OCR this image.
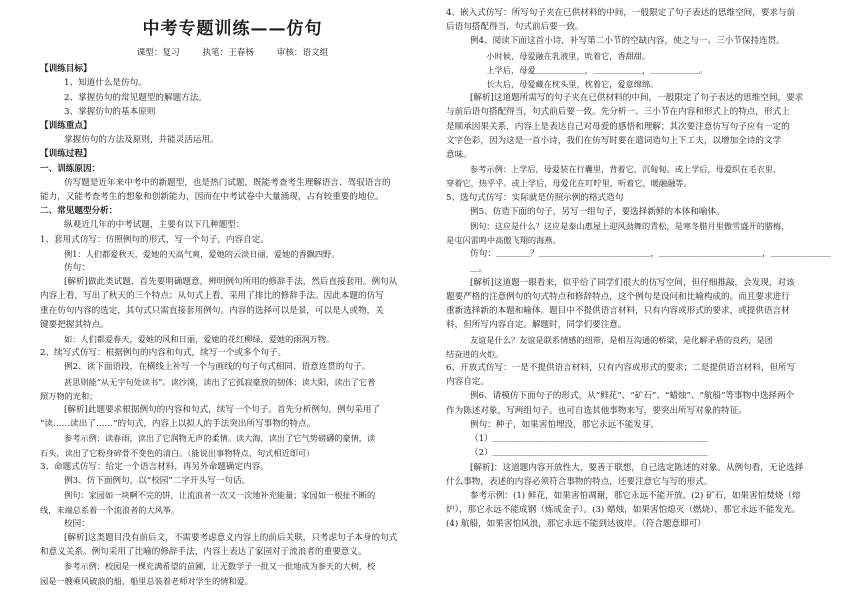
中考专题训练——仿句
课型：复习	执笔：王春杨	审核：语文组
【训练目标】
1、知道什么是仿句。
2、掌握仿句的常见题型的解题方法。
3、掌握仿句的基本原则
【训练重点】
掌握仿句的方法及原则，并能灵活运用。
【训练过程】
一、训练原因：
仿写题是近年来中考中的新题型，也是热门试题，既能考查考生理解语言、驾驭语言的
能力，又能考查考生的想象和创新能力，因而在中考试卷中大量涌现，占有较重要的地位。
二、常见题型分析：
纵观近几年的中考试题，主要有以下几种题型：
1、套用式仿写：仿照例句的形式，写一个句子，内容自定。
例1：人们都爱秋天，爱她的天高气爽，爱她的云淡日丽，爱她的香飘四野。
仿句：
[解析]做此类试题，首先要明确题意，辨明例句所用的修辞手法，然后直接套用。例句从
内容上看，写出了秋天的三个特点；从句式上看，采用了排比的修辞手法。因此本题的仿写
重在仿句内容的选定，其句式只需直接套用例句。内容的选择可以是景，可以是人或物，关
键要把握其特点。
如：人们都爱春天，爱她的风和日丽，爱她的花红柳绿，爱她的雨润万物。
2、续写式仿写：根据例句的内容和句式，续写一个或多个句子。
例2、读下面语段，在横线上补写一个与画线的句子句式相同、语意连贯的句子。
甚思则能“从无字句处读书”。读沙漠，读出了它孤寂豪放的韧体；读大阳，读出了它普
照万物的光和；
[解析]此题要求根据例句的内容和句式，续写一个句子。首先分析例句，例句采用了
“读……读出了……”的句式，内容上以拟人的手法突出所写事物的特点。
参考示例：读春雨，读出了它润物无声的柔情。读大海，读出了它气势磅礴的豪情，读
石头，读出了它粉身碎骨不变色的清白。（能说出事物特点，句式相近即可）
3、命题式仿写：给定一个语言材料，再另外命题确定内容。
例3、仿下面例句，以“校园”二字开头写一句话。
例句：家园如一块啊不完的饼，让流浪者一次又一次地补充能量；家园如一根扯不断的
线，末端总系着一个流浪者的大风筝。
校园：
[解析]这类题目没有前后文，不需要考虑意义内容上的前后关联，只考虑句子本身的句式
和意义关系。例句采用了比喻的修辞手法，内容上表达了家园对于流浪者的重要意义。
参考示例：校园是一棵充满希望的苗圃，让无数学子一批又一批地成为参天的大树，校
园是一艘乘风破浪的船，船里总装着老师对学生的情和爱。
4、嵌入式仿写：所写句子夹在已供材料的中间，一般限定了句子表达的思维空间，要求与前
后语句搭配得当，句式前后要一致。
例4、阅读下面这首小诗，补写第二小节的空缺内容，使之与一、三小节保持连贯。
　　小时候，母爱融在乳液里，吮着它，香甜甜。
　　上学后，母爱＿＿＿＿＿＿，＿＿＿＿＿＿，＿＿＿＿＿＿。
　　长大后，母爱藏在枕头里，枕着它，爱意绵绵。
[解析]这道题所需写的句子夹在已供材料的中间，一般限定了句子表达的思维空间，要求
与前后语句搭配得当，句式前后要一致。先分析一、三小节在内容和形式上的特点，形式上
是顺承因果关系，内容上是表达自己对母爱的感悟和理解；其次要注意仿写句子应有一定的
文字色彩，因为这是一首小诗，我们在仿写时要在遣词造句上下工夫，以增加全诗的文学
意味。
参考示例：上学后，母爱装在行囊里，背着它，沉甸甸。或上学后，母爱织在毛衣里，
穿着它，热乎乎。或上学后，母爱化在叮咛里，听着它，暖融融等。
5、选句式仿写：实际就是仿照示例的格式造句
例5、仿造下面的句子，另写一组句子，要选择新鲜的本体和喻体。
例句：这应是什么？这应是泰山惠屋上迎风劲舞的青松，是寒冬腊月里傲雪盛开的腊梅，
是屯闪雷鸣中高傲飞翔的海燕。
仿句：＿＿＿＿？＿＿＿＿＿＿＿＿＿＿＿＿＿，＿＿＿＿＿＿＿＿＿＿＿＿，＿＿＿＿＿＿＿＿。
[解析]这道题一眼看来，似乎给了同学们很大的仿写空间，但仔细推敲，会发现，对该
题要严格的注意例句的句式特点和修辞特点，这个例句是设问和比喻构成的。而且要求进行
重新选择新的本题和喻体。题目中不提供语言材料，只有内容或形式的要求，或提供语言材
料，但所写内容自定。解题时，同学们要注意。
友谊是什么？友谊是联系情感的纽带，是相互沟通的桥梁，是化解矛盾的良药，是团
结奋进的火炬。
6、开放式仿写：一是不提供语言材料，只有内容或形式的要求；二是提供语言材料，但所写
内容自定。
例6、请模仿下面句子的形式，从“鲜花”、“矿石”、“蜡烛”、“航船”等事物中选择两个
作为陈述对象，写两组句子。也可自选其他事物来写，要突出所写对象的特征。
例句：种子，如果害怕埋没，那它永远不能发芽。
（1）＿＿＿＿＿＿＿＿＿＿＿＿＿＿＿＿＿＿＿＿＿＿＿＿＿
（2）＿＿＿＿＿＿＿＿＿＿＿＿＿＿＿＿＿＿＿＿＿＿＿＿＿
[解析]：这道题内容开放性大，要善于联想，自己选定陈述的对象。从例句看，无论选择
什么事物，表述的内容必须符合事物的特点，还要注意它与写的形式。
参考示例：(1) 鲜花，如果害怕凋谢，那它永远不能开放。(2) 矿石，如果害怕焚烧（熔
炉），那它永远不能成钢（炼成金子）。(3) 蜡烛，如果害怕熄灭（燃烧），那它永远不能发光。
(4) 航船，如果害怕风浪，那它永远不能到达彼岸。（符合题意即可）
